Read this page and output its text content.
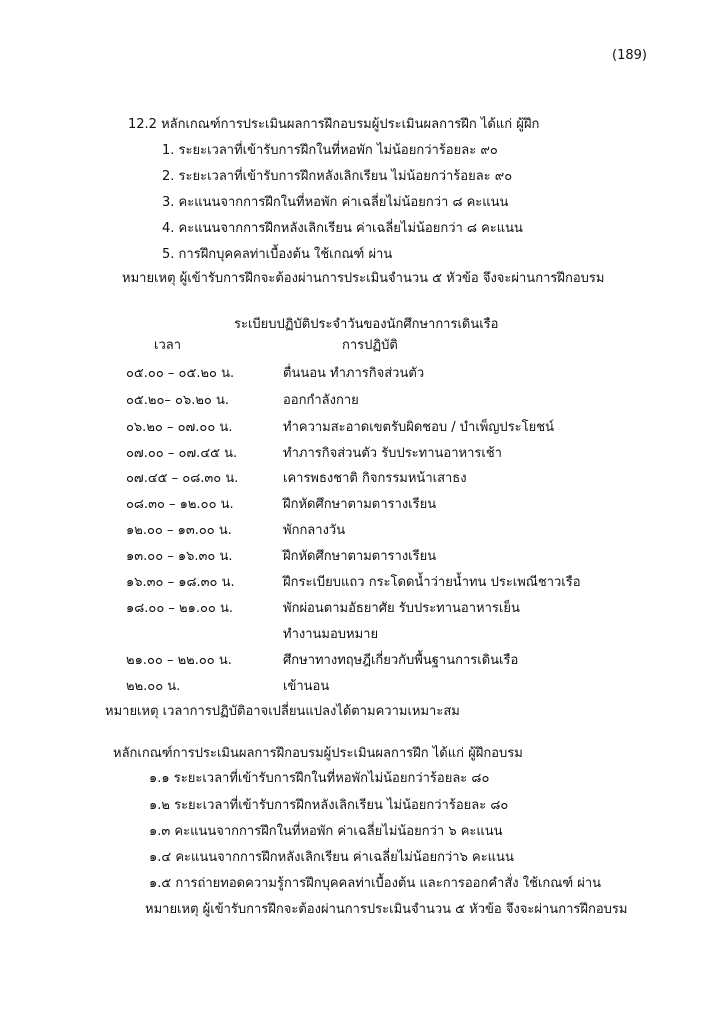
(189)
12.2 หลักเกณฑ์การประเมินผลการฝึกอบรมผู้ประเมินผลการฝึก ได้แก่ ผู้ฝึก
1. ระยะเวลาที่เข้ารับการฝึกในที่หอพัก ไม่น้อยกว่าร้อยละ ๙๐
2. ระยะเวลาที่เข้ารับการฝึกหลังเลิกเรียน ไม่น้อยกว่าร้อยละ ๙๐
3. คะแนนจากการฝึกในที่หอพัก ค่าเฉลี่ยไม่น้อยกว่า ๘ คะแนน
4. คะแนนจากการฝึกหลังเลิกเรียน ค่าเฉลี่ยไม่น้อยกว่า ๘ คะแนน
5. การฝึกบุคคลท่าเบื้องต้น ใช้เกณฑ์ ผ่าน
หมายเหตุ ผู้เข้ารับการฝึกจะต้องผ่านการประเมินจำนวน ๕ หัวข้อ จึงจะผ่านการฝึกอบรม
ระเบียบปฏิบัติประจำวันของนักศึกษาการเดินเรือ
เวลา	การปฏิบัติ
๐๕.๐๐ – ๐๕.๒๐ น.	ตื่นนอน ทำภารกิจส่วนตัว
๐๕.๒๐– ๐๖.๒๐ น.	ออกกำลังกาย
๐๖.๒๐ – ๐๗.๐๐ น.	ทำความสะอาดเขตรับผิดชอบ / บำเพ็ญประโยชน์
๐๗.๐๐ – ๐๗.๔๕ น.	ทำภารกิจส่วนตัว รับประทานอาหารเช้า
๐๗.๔๕ – ๐๘.๓๐ น.	เคารพธงชาติ กิจกรรมหน้าเสาธง
๐๘.๓๐ – ๑๒.๐๐ น.	ฝึกหัดศึกษาตามตารางเรียน
๑๒.๐๐ – ๑๓.๐๐ น.	พักกลางวัน
๑๓.๐๐ – ๑๖.๓๐ น.	ฝึกหัดศึกษาตามตารางเรียน
๑๖.๓๐ – ๑๘.๓๐ น.	ฝึกระเบียบแถว กระโดดน้ำว่ายน้ำทน ประเพณีชาวเรือ
๑๘.๐๐ – ๒๑.๐๐ น.	พักผ่อนตามอัธยาศัย รับประทานอาหารเย็น
ทำงานมอบหมาย
๒๑.๐๐ – ๒๒.๐๐ น.	ศึกษาทางทฤษฎีเกี่ยวกับพื้นฐานการเดินเรือ
๒๒.๐๐ น.	เข้านอน
หมายเหตุ เวลาการปฏิบัติอาจเปลี่ยนแปลงได้ตามความเหมาะสม
หลักเกณฑ์การประเมินผลการฝึกอบรมผู้ประเมินผลการฝึก ได้แก่ ผู้ฝึกอบรม
๑.๑ ระยะเวลาที่เข้ารับการฝึกในที่หอพักไม่น้อยกว่าร้อยละ ๘๐
๑.๒ ระยะเวลาที่เข้ารับการฝึกหลังเลิกเรียน ไม่น้อยกว่าร้อยละ ๘๐
๑.๓ คะแนนจากการฝึกในที่หอพัก ค่าเฉลี่ยไม่น้อยกว่า ๖ คะแนน
๑.๔ คะแนนจากการฝึกหลังเลิกเรียน ค่าเฉลี่ยไม่น้อยกว่า๖ คะแนน
๑.๕ การถ่ายทอดความรู้การฝึกบุคคลท่าเบื้องต้น และการออกคำสั่ง ใช้เกณฑ์ ผ่าน
หมายเหตุ ผู้เข้ารับการฝึกจะต้องผ่านการประเมินจำนวน ๕ หัวข้อ จึงจะผ่านการฝึกอบรม
